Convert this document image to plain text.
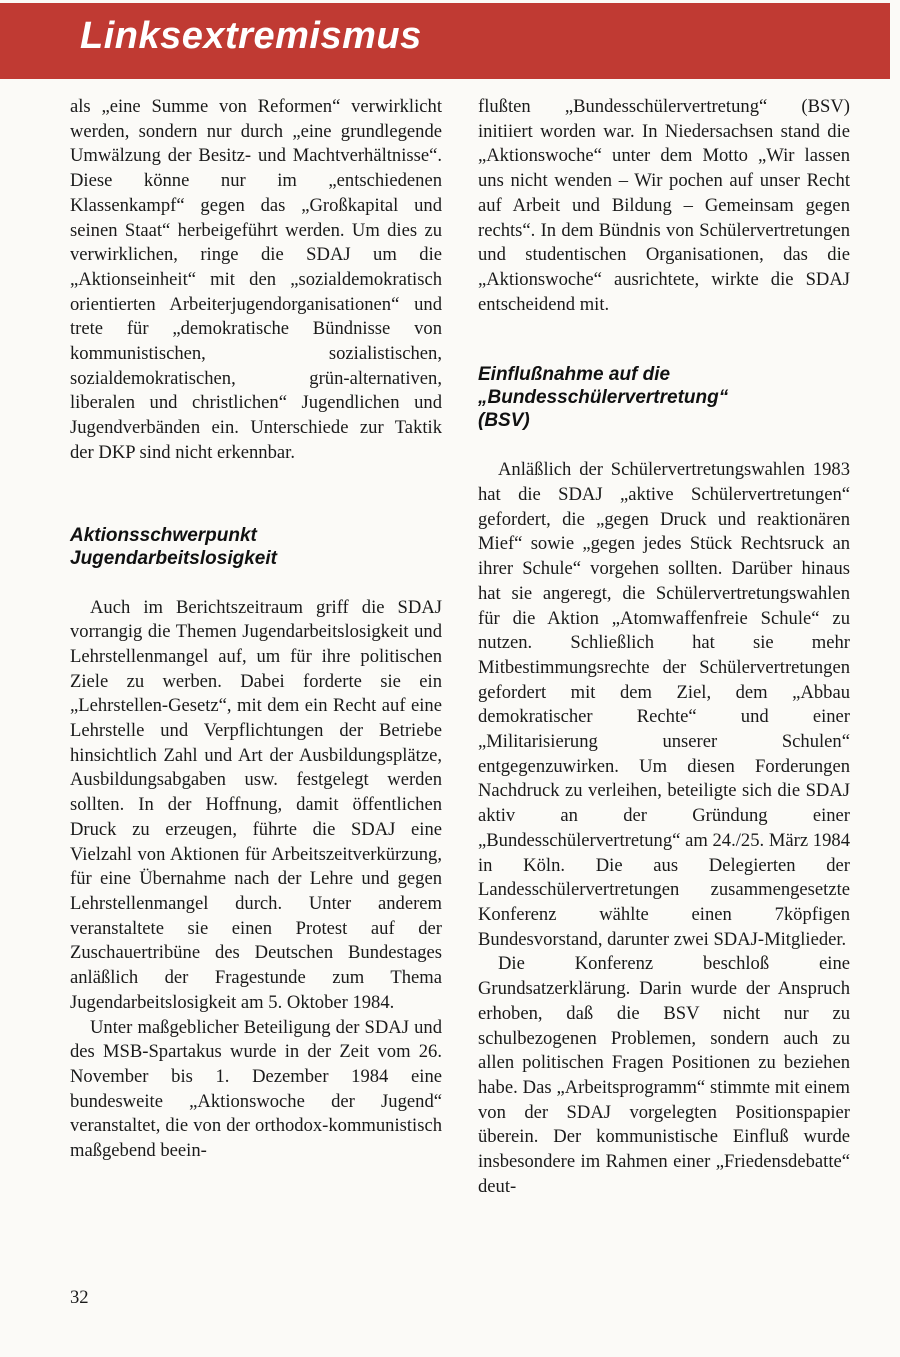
Linksextremismus

als „eine Summe von Reformen“ verwirklicht werden, sondern nur durch „eine grundlegende Umwälzung der Besitz- und Machtverhältnisse“. Diese könne nur im „entschiedenen Klassenkampf“ gegen das „Großkapital und seinen Staat“ herbeigeführt werden. Um dies zu verwirklichen, ringe die SDAJ um die „Aktionseinheit“ mit den „sozialdemokratisch orientierten Arbeiterjugendorganisationen“ und trete für „demokratische Bündnisse von kommunistischen, sozialistischen, sozialdemokratischen, grün-alternativen, liberalen und christlichen“ Jugendlichen und Jugendverbänden ein. Unterschiede zur Taktik der DKP sind nicht erkennbar.

Aktionsschwerpunkt
Jugendarbeitslosigkeit

Auch im Berichtszeitraum griff die SDAJ vorrangig die Themen Jugendarbeitslosigkeit und Lehrstellenmangel auf, um für ihre politischen Ziele zu werben. Dabei forderte sie ein „Lehrstellen-Gesetz“, mit dem ein Recht auf eine Lehrstelle und Verpflichtungen der Betriebe hinsichtlich Zahl und Art der Ausbildungsplätze, Ausbildungsabgaben usw. festgelegt werden sollten. In der Hoffnung, damit öffentlichen Druck zu erzeugen, führte die SDAJ eine Vielzahl von Aktionen für Arbeitszeitverkürzung, für eine Übernahme nach der Lehre und gegen Lehrstellenmangel durch. Unter anderem veranstaltete sie einen Protest auf der Zuschauertribüne des Deutschen Bundestages anläßlich der Fragestunde zum Thema Jugendarbeitslosigkeit am 5. Oktober 1984.

Unter maßgeblicher Beteiligung der SDAJ und des MSB-Spartakus wurde in der Zeit vom 26. November bis 1. Dezember 1984 eine bundesweite „Aktionswoche der Jugend“ veranstaltet, die von der orthodox-kommunistisch maßgebend beein-

flußten „Bundesschülervertretung“ (BSV) initiiert worden war. In Niedersachsen stand die „Aktionswoche“ unter dem Motto „Wir lassen uns nicht wenden – Wir pochen auf unser Recht auf Arbeit und Bildung – Gemeinsam gegen rechts“. In dem Bündnis von Schülervertretungen und studentischen Organisationen, das die „Aktionswoche“ ausrichtete, wirkte die SDAJ entscheidend mit.

Einflußnahme auf die
„Bundesschülervertretung“
(BSV)

Anläßlich der Schülervertretungswahlen 1983 hat die SDAJ „aktive Schülervertretungen“ gefordert, die „gegen Druck und reaktionären Mief“ sowie „gegen jedes Stück Rechtsruck an ihrer Schule“ vorgehen sollten. Darüber hinaus hat sie angeregt, die Schülervertretungswahlen für die Aktion „Atomwaffenfreie Schule“ zu nutzen. Schließlich hat sie mehr Mitbestimmungsrechte der Schülervertretungen gefordert mit dem Ziel, dem „Abbau demokratischer Rechte“ und einer „Militarisierung unserer Schulen“ entgegenzuwirken. Um diesen Forderungen Nachdruck zu verleihen, beteiligte sich die SDAJ aktiv an der Gründung einer „Bundesschülervertretung“ am 24./25. März 1984 in Köln. Die aus Delegierten der Landesschülervertretungen zusammengesetzte Konferenz wählte einen 7köpfigen Bundesvorstand, darunter zwei SDAJ-Mitglieder.

Die Konferenz beschloß eine Grundsatzerklärung. Darin wurde der Anspruch erhoben, daß die BSV nicht nur zu schulbezogenen Problemen, sondern auch zu allen politischen Fragen Positionen zu beziehen habe. Das „Arbeitsprogramm“ stimmte mit einem von der SDAJ vorgelegten Positionspapier überein. Der kommunistische Einfluß wurde insbesondere im Rahmen einer „Friedensdebatte“ deut-

32
